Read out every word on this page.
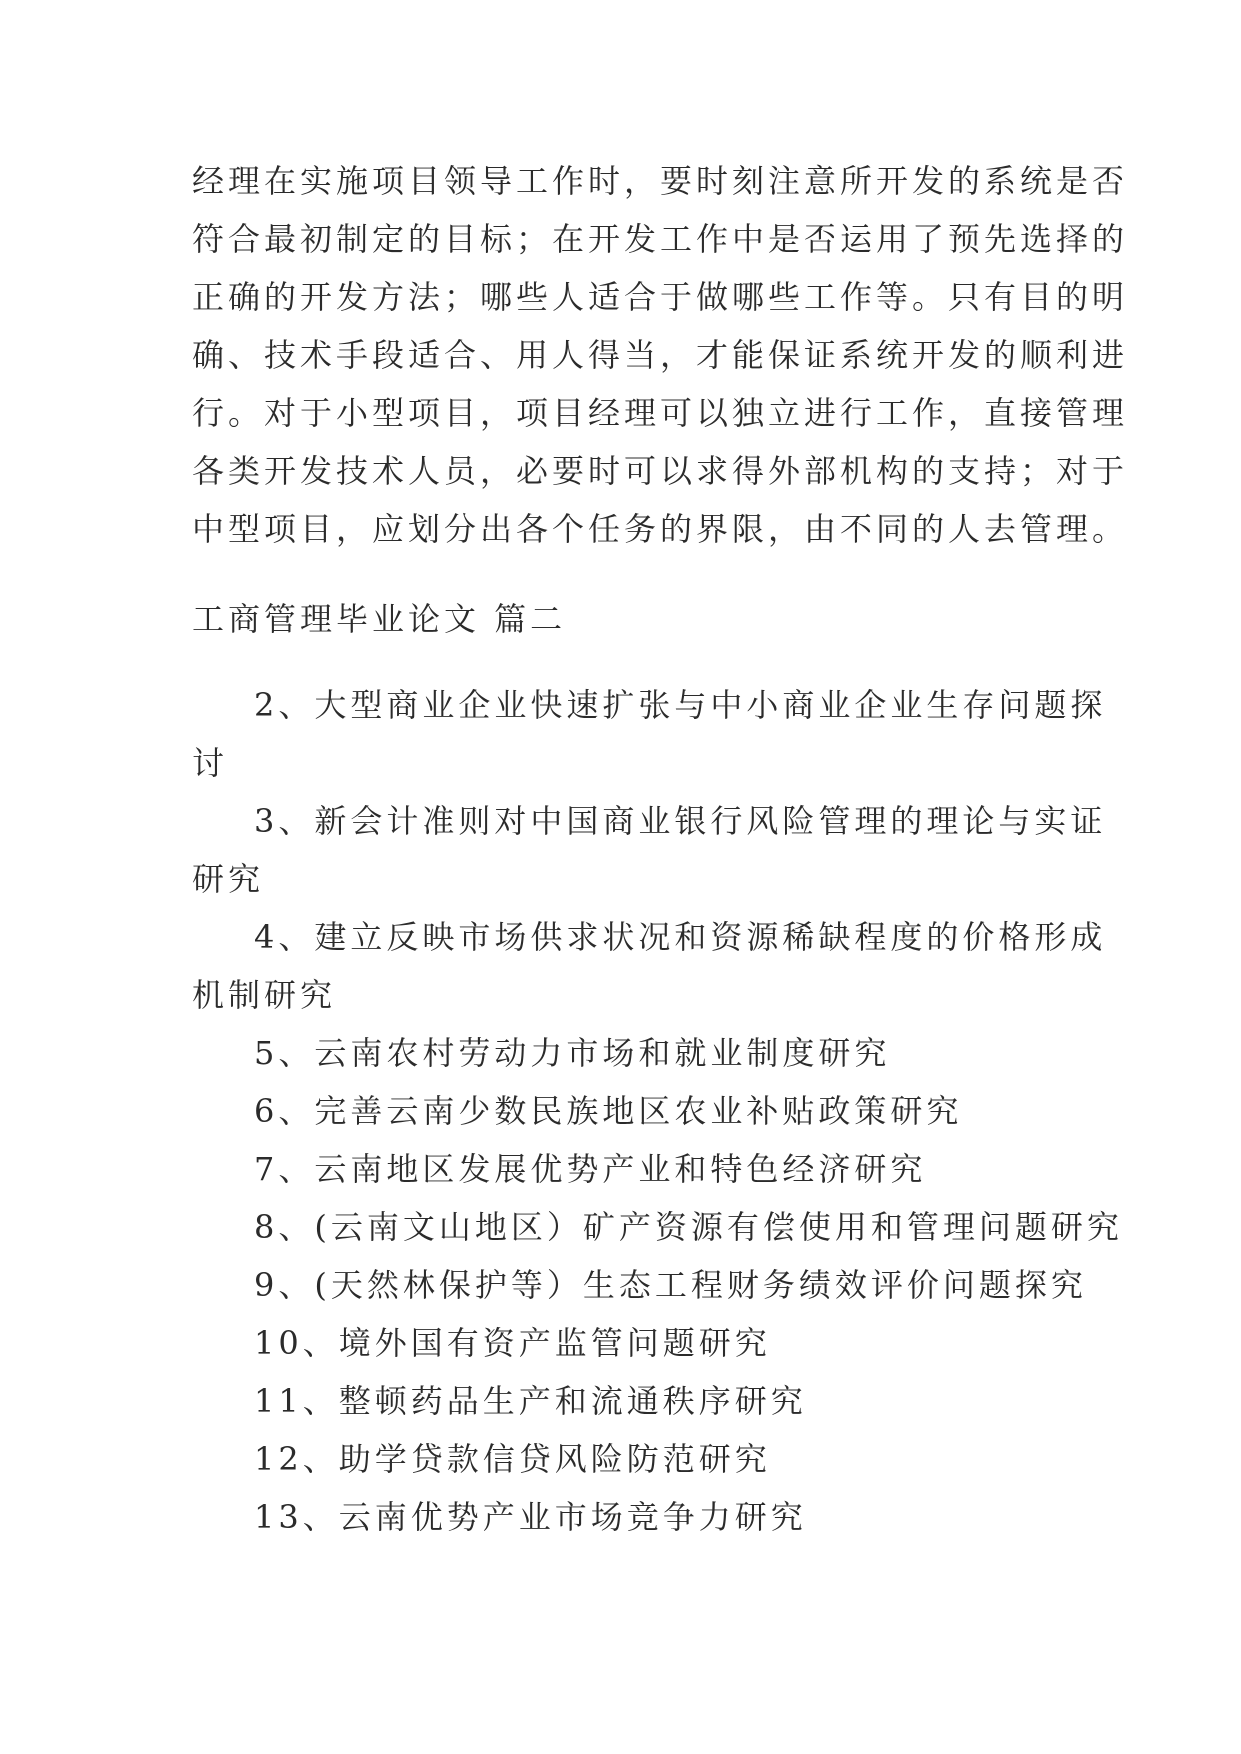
经理在实施项目领导工作时，要时刻注意所开发的系统是否
符合最初制定的目标；在开发工作中是否运用了预先选择的
正确的开发方法；哪些人适合于做哪些工作等。只有目的明
确、技术手段适合、用人得当，才能保证系统开发的顺利进
行。对于小型项目，项目经理可以独立进行工作，直接管理
各类开发技术人员，必要时可以求得外部机构的支持；对于
中型项目，应划分出各个任务的界限，由不同的人去管理。
工商管理毕业论文 篇二
2、大型商业企业快速扩张与中小商业企业生存问题探
讨
3、新会计准则对中国商业银行风险管理的理论与实证
研究
4、建立反映市场供求状况和资源稀缺程度的价格形成
机制研究
5、云南农村劳动力市场和就业制度研究
6、完善云南少数民族地区农业补贴政策研究
7、云南地区发展优势产业和特色经济研究
8、(云南文山地区）矿产资源有偿使用和管理问题研究
9、(天然林保护等）生态工程财务绩效评价问题探究
10、境外国有资产监管问题研究
11、整顿药品生产和流通秩序研究
12、助学贷款信贷风险防范研究
13、云南优势产业市场竞争力研究
